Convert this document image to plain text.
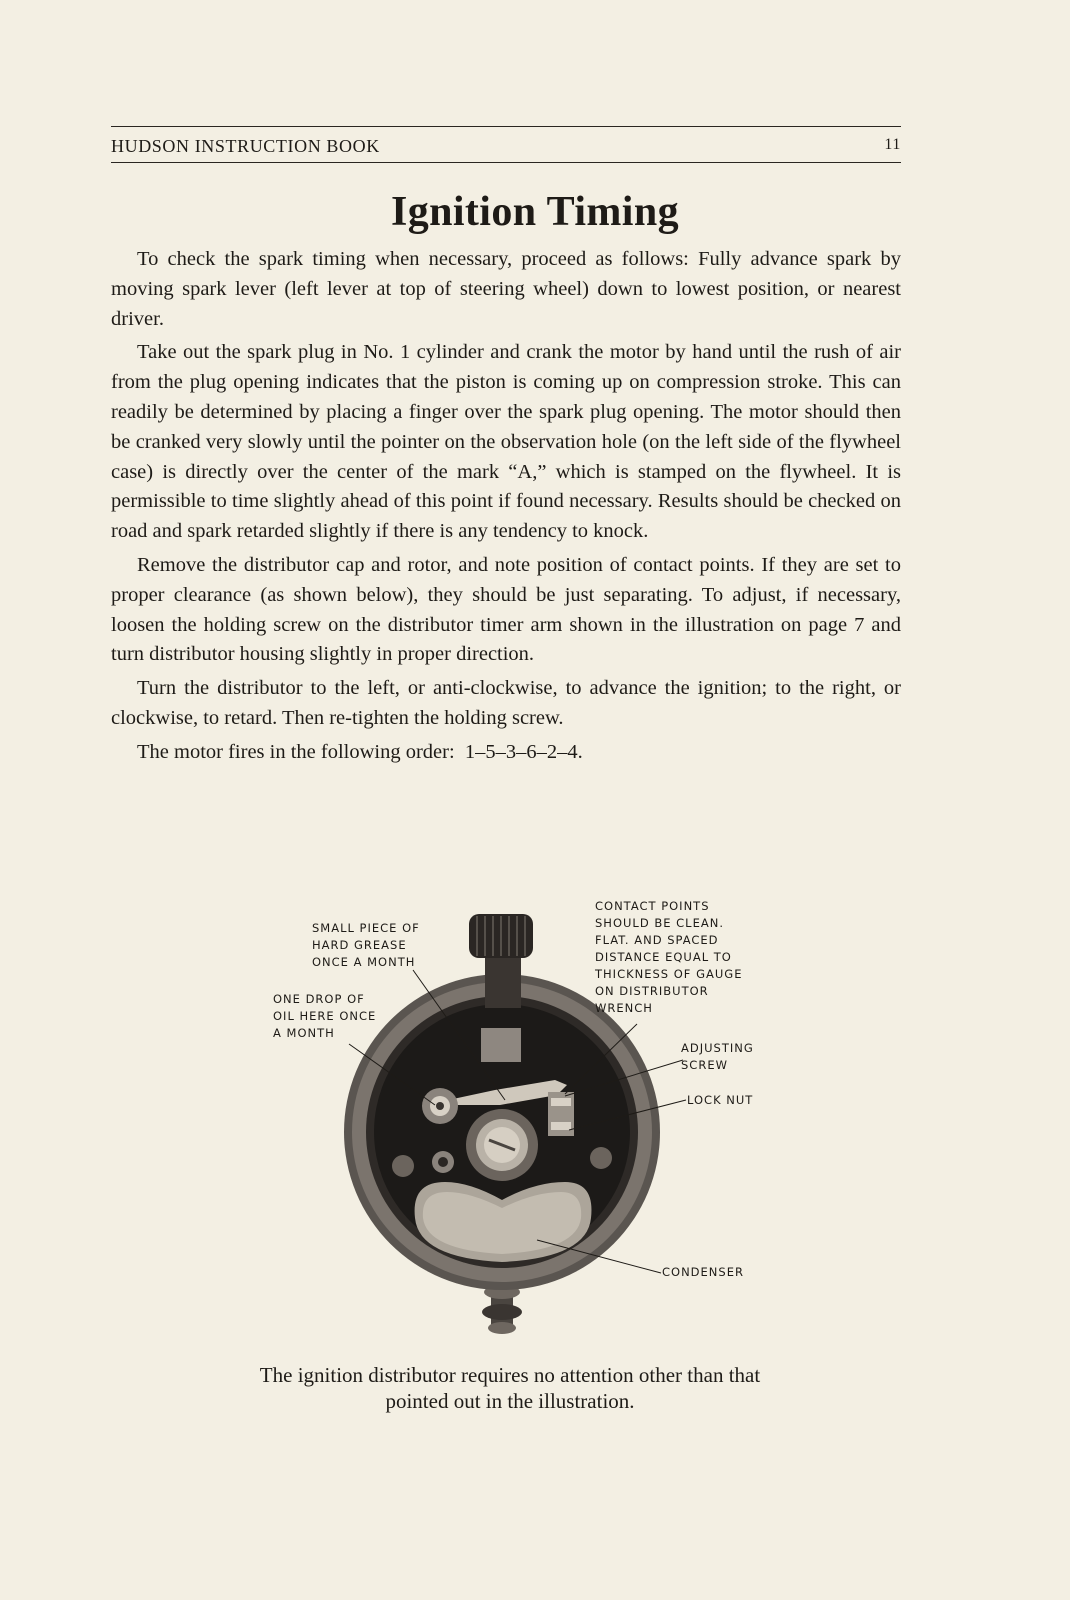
HUDSON INSTRUCTION BOOK	11
Ignition Timing

To check the spark timing when necessary, proceed as follows: Fully advance spark by moving spark lever (left lever at top of steering wheel) down to lowest position, or nearest driver.

Take out the spark plug in No. 1 cylinder and crank the motor by hand until the rush of air from the plug opening indicates that the piston is coming up on compression stroke. This can readily be determined by placing a finger over the spark plug opening. The motor should then be cranked very slowly until the pointer on the observation hole (on the left side of the flywheel case) is directly over the center of the mark “A,” which is stamped on the flywheel. It is permissible to time slightly ahead of this point if found necessary. Results should be checked on road and spark retarded slightly if there is any tendency to knock.

Remove the distributor cap and rotor, and note position of contact points. If they are set to proper clearance (as shown below), they should be just separating. To adjust, if necessary, loosen the holding screw on the distributor timer arm shown in the illustration on page 7 and turn distributor housing slightly in proper direction.

Turn the distributor to the left, or anti-clockwise, to advance the ignition; to the right, or clockwise, to retard. Then re-tighten the holding screw.

The motor fires in the following order: 1–5–3–6–2–4.

SMALL PIECE OF
HARD GREASE
ONCE A MONTH
ONE DROP OF
OIL HERE ONCE
A MONTH
CONTACT POINTS
SHOULD BE CLEAN.
FLAT. AND SPACED
DISTANCE EQUAL TO
THICKNESS OF GAUGE
ON DISTRIBUTOR
WRENCH
ADJUSTING
SCREW
LOCK NUT
CONDENSER
The ignition distributor requires no attention other than that pointed out in the illustration.
